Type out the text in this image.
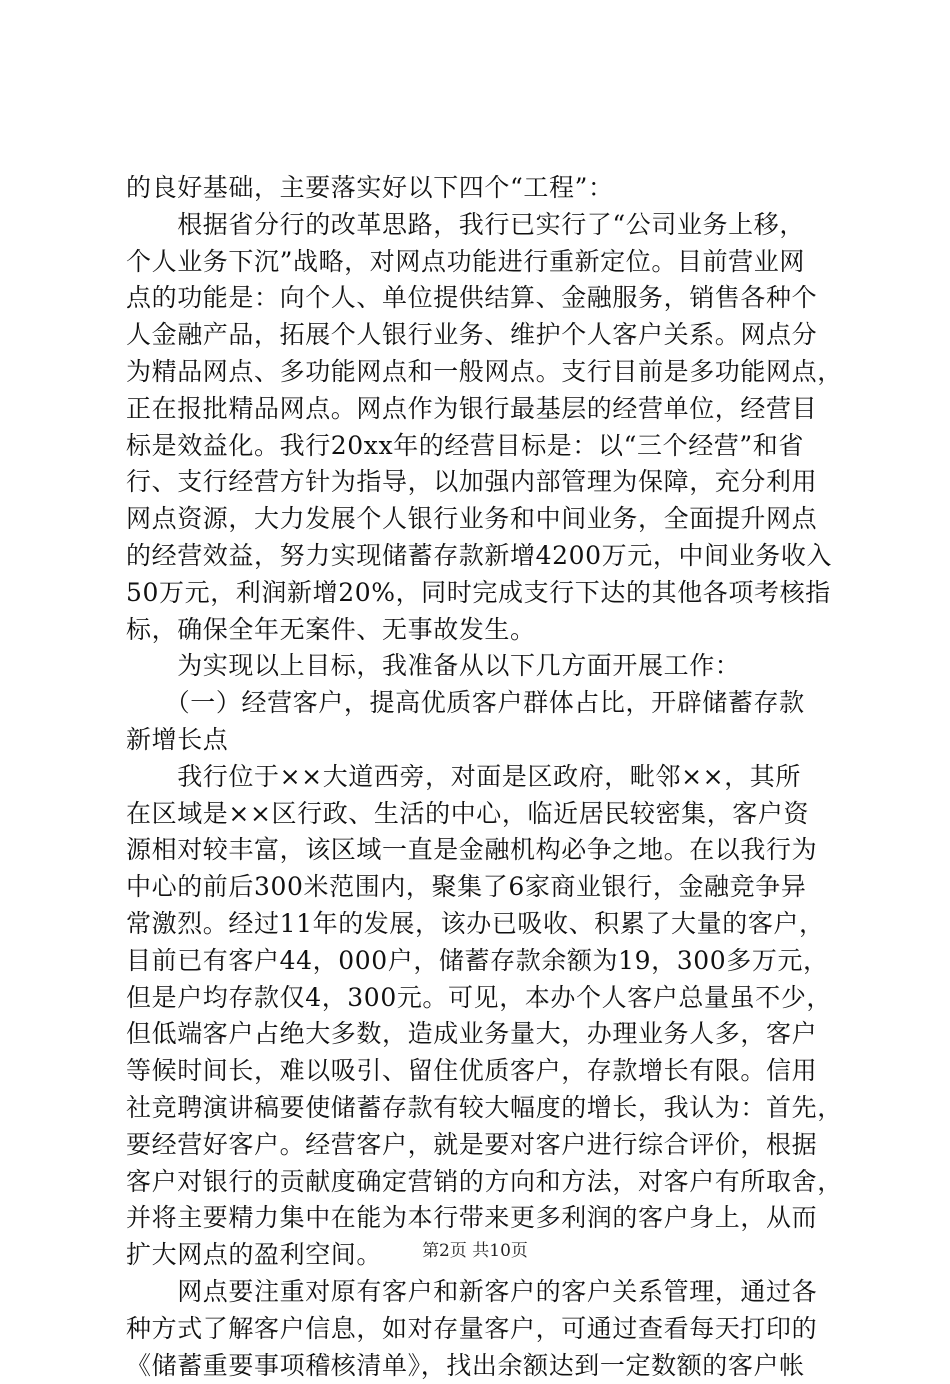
的良好基础，主要落实好以下四个“工程”：
　　根据省分行的改革思路，我行已实行了“公司业务上移，
个人业务下沉”战略，对网点功能进行重新定位。目前营业网
点的功能是：向个人、单位提供结算、金融服务，销售各种个
人金融产品，拓展个人银行业务、维护个人客户关系。网点分
为精品网点、多功能网点和一般网点。支行目前是多功能网点，
正在报批精品网点。网点作为银行最基层的经营单位，经营目
标是效益化。我行20xx年的经营目标是：以“三个经营”和省
行、支行经营方针为指导，以加强内部管理为保障，充分利用
网点资源，大力发展个人银行业务和中间业务，全面提升网点
的经营效益，努力实现储蓄存款新增4200万元，中间业务收入
50万元，利润新增20%，同时完成支行下达的其他各项考核指
标，确保全年无案件、无事故发生。
　　为实现以上目标，我准备从以下几方面开展工作：
　　（一）经营客户，提高优质客户群体占比，开辟储蓄存款
新增长点
　　我行位于××大道西旁，对面是区政府，毗邻××，其所
在区域是××区行政、生活的中心，临近居民较密集，客户资
源相对较丰富，该区域一直是金融机构必争之地。在以我行为
中心的前后300米范围内，聚集了6家商业银行，金融竞争异
常激烈。经过11年的发展，该办已吸收、积累了大量的客户，
目前已有客户44，000户，储蓄存款余额为19，300多万元，
但是户均存款仅4，300元。可见，本办个人客户总量虽不少，
但低端客户占绝大多数，造成业务量大，办理业务人多，客户
等候时间长，难以吸引、留住优质客户，存款增长有限。信用
社竞聘演讲稿要使储蓄存款有较大幅度的增长，我认为：首先，
要经营好客户。经营客户，就是要对客户进行综合评价，根据
客户对银行的贡献度确定营销的方向和方法，对客户有所取舍，
并将主要精力集中在能为本行带来更多利润的客户身上，从而
扩大网点的盈利空间。
　　网点要注重对原有客户和新客户的客户关系管理，通过各
种方式了解客户信息，如对存量客户，可通过查看每天打印的
《储蓄重要事项稽核清单》，找出余额达到一定数额的客户帐
第2页 共10页
